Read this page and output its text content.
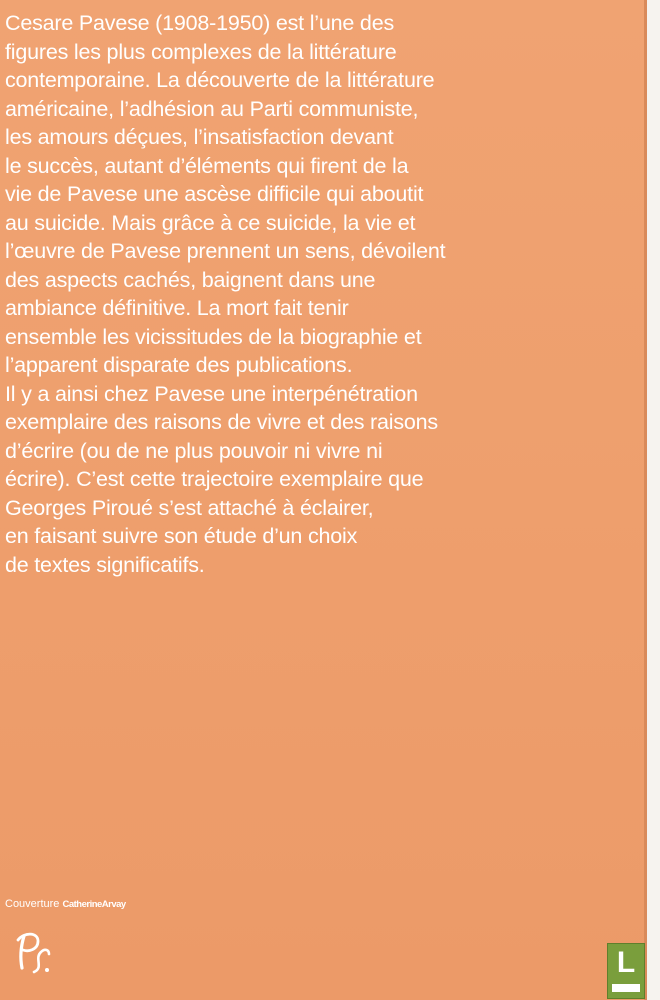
Cesare Pavese (1908-1950) est l’une des
figures les plus complexes de la littérature
contemporaine. La découverte de la littérature
américaine, l’adhésion au Parti communiste,
les amours déçues, l’insatisfaction devant
le succès, autant d’éléments qui firent de la
vie de Pavese une ascèse difficile qui aboutit
au suicide. Mais grâce à ce suicide, la vie et
l’œuvre de Pavese prennent un sens, dévoilent
des aspects cachés, baignent dans une
ambiance définitive. La mort fait tenir
ensemble les vicissitudes de la biographie et
l’apparent disparate des publications.
Il y a ainsi chez Pavese une interpénétration
exemplaire des raisons de vivre et des raisons
d’écrire (ou de ne plus pouvoir ni vivre ni
écrire). C’est cette trajectoire exemplaire que
Georges Piroué s’est attaché à éclairer,
en faisant suivre son étude d’un choix
de textes significatifs.

Couverture CatherineArvay
L
